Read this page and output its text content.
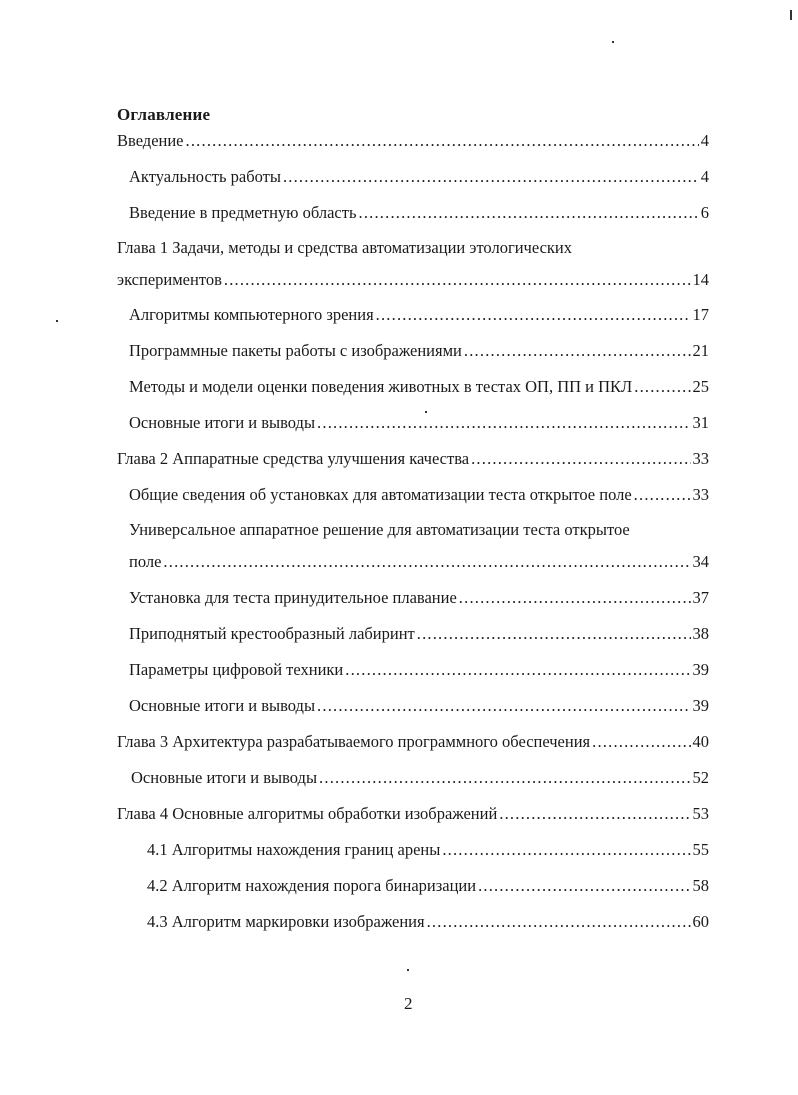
Оглавление
Введение .....	4
Актуальность работы .....	4
Введение в предметную область .....	6
Глава 1 Задачи, методы и средства автоматизации этологических
экспериментов .....	14
Алгоритмы компьютерного зрения .....	17
Программные пакеты работы с изображениями .....	21
Методы и модели оценки поведения животных в тестах ОП, ПП и ПКЛ .....	25
Основные итоги и выводы .....	31
Глава 2 Аппаратные средства улучшения качества .....	33
Общие сведения об установках для автоматизации теста открытое поле .....	33
Универсальное аппаратное решение для автоматизации теста открытое
поле .....	34
Установка для теста принудительное плавание .....	37
Приподнятый крестообразный лабиринт .....	38
Параметры цифровой техники .....	39
Основные итоги и выводы .....	39
Глава 3 Архитектура разрабатываемого программного обеспечения .....	40
Основные итоги и выводы .....	52
Глава 4 Основные алгоритмы обработки изображений .....	53
4.1 Алгоритмы нахождения границ арены .....	55
4.2 Алгоритм нахождения порога бинаризации .....	58
4.3 Алгоритм маркировки изображения .....	60
2
